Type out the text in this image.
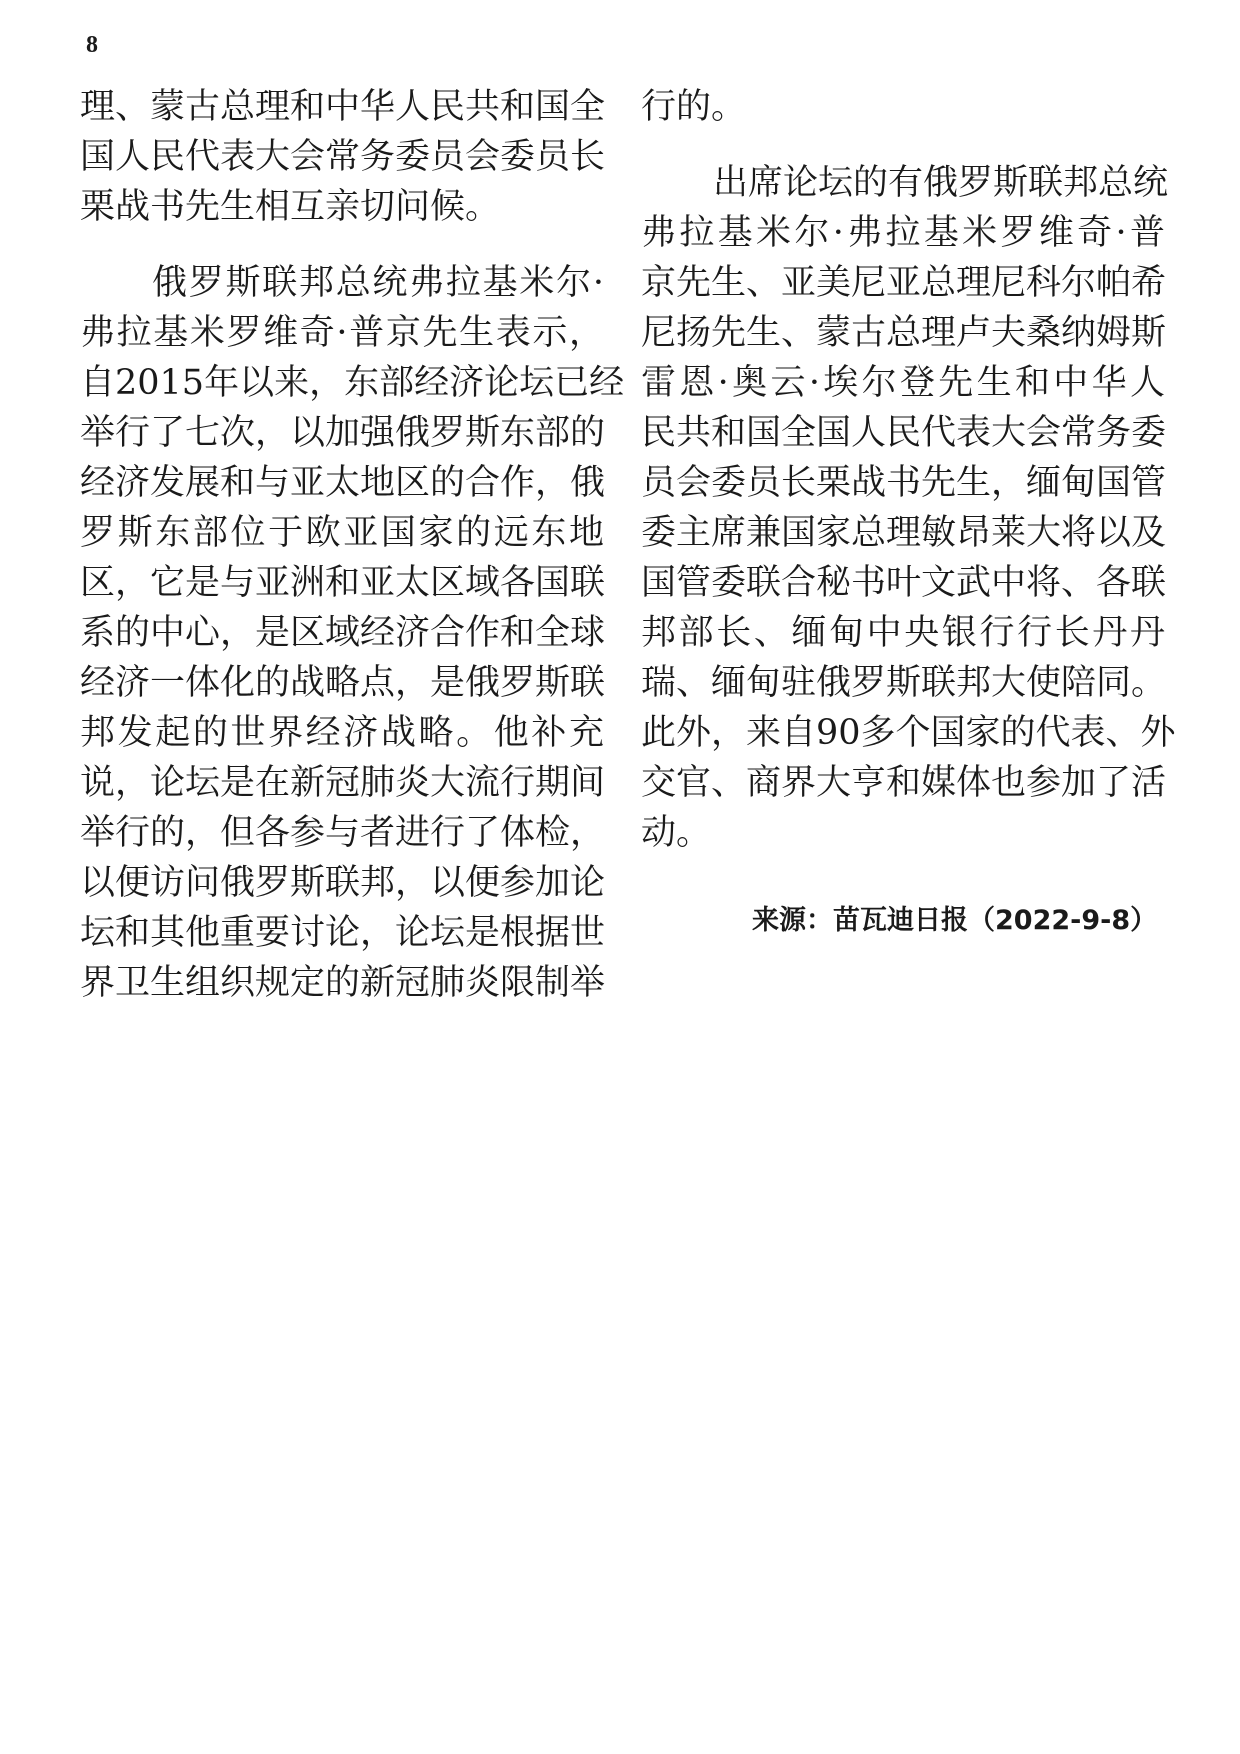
8
理、蒙古总理和中华人民共和国全
国人民代表大会常务委员会委员长
栗战书先生相互亲切问候。
俄罗斯联邦总统弗拉基米尔·
弗拉基米罗维奇·普京先生表示，
自2015年以来，东部经济论坛已经
举行了七次，以加强俄罗斯东部的
经济发展和与亚太地区的合作，俄
罗斯东部位于欧亚国家的远东地
区，它是与亚洲和亚太区域各国联
系的中心，是区域经济合作和全球
经济一体化的战略点，是俄罗斯联
邦发起的世界经济战略。他补充
说，论坛是在新冠肺炎大流行期间
举行的，但各参与者进行了体检，
以便访问俄罗斯联邦，以便参加论
坛和其他重要讨论，论坛是根据世
界卫生组织规定的新冠肺炎限制举
行的。
出席论坛的有俄罗斯联邦总统
弗拉基米尔·弗拉基米罗维奇·普
京先生、亚美尼亚总理尼科尔帕希
尼扬先生、蒙古总理卢夫桑纳姆斯
雷恩·奥云·埃尔登先生和中华人
民共和国全国人民代表大会常务委
员会委员长栗战书先生，缅甸国管
委主席兼国家总理敏昂莱大将以及
国管委联合秘书叶文武中将、各联
邦部长、缅甸中央银行行长丹丹
瑞、缅甸驻俄罗斯联邦大使陪同。
此外，来自90多个国家的代表、外
交官、商界大亨和媒体也参加了活
动。
来源：苗瓦迪日报（2022-9-8）
